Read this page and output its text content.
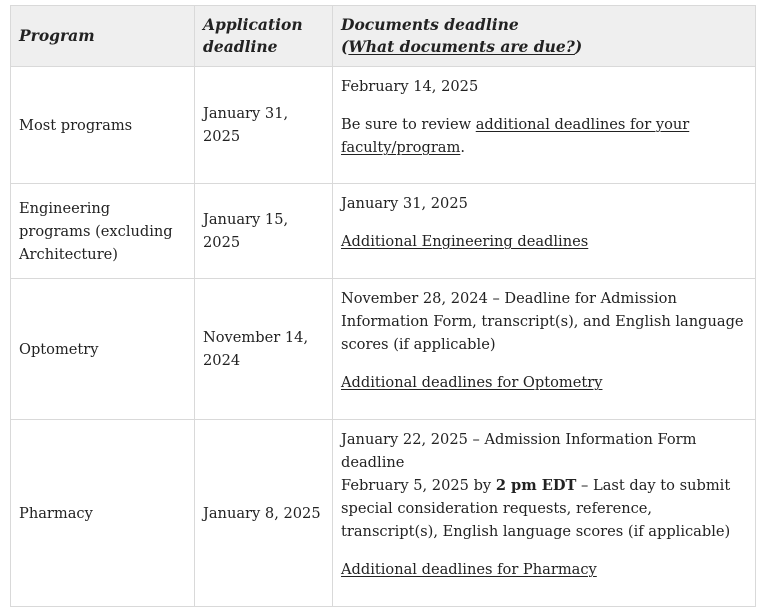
Program	Application deadline	Documents deadline
(What documents are due?)
Most programs	January 31, 2025	February 14, 2025

Be sure to review additional deadlines for your faculty/program.

Engineering programs (excluding Architecture)	January 15, 2025	January 31, 2025

Additional Engineering deadlines

Optometry	November 14, 2024	November 28, 2024 – Deadline for Admission Information Form, transcript(s), and English language scores (if applicable)

Additional deadlines for Optometry

Pharmacy	January 8, 2025	January 22, 2025 – Admission Information Form deadline

February 5, 2025 by 2 pm EDT – Last day to submit special consideration requests, reference, transcript(s), English language scores (if applicable)

Additional deadlines for Pharmacy
